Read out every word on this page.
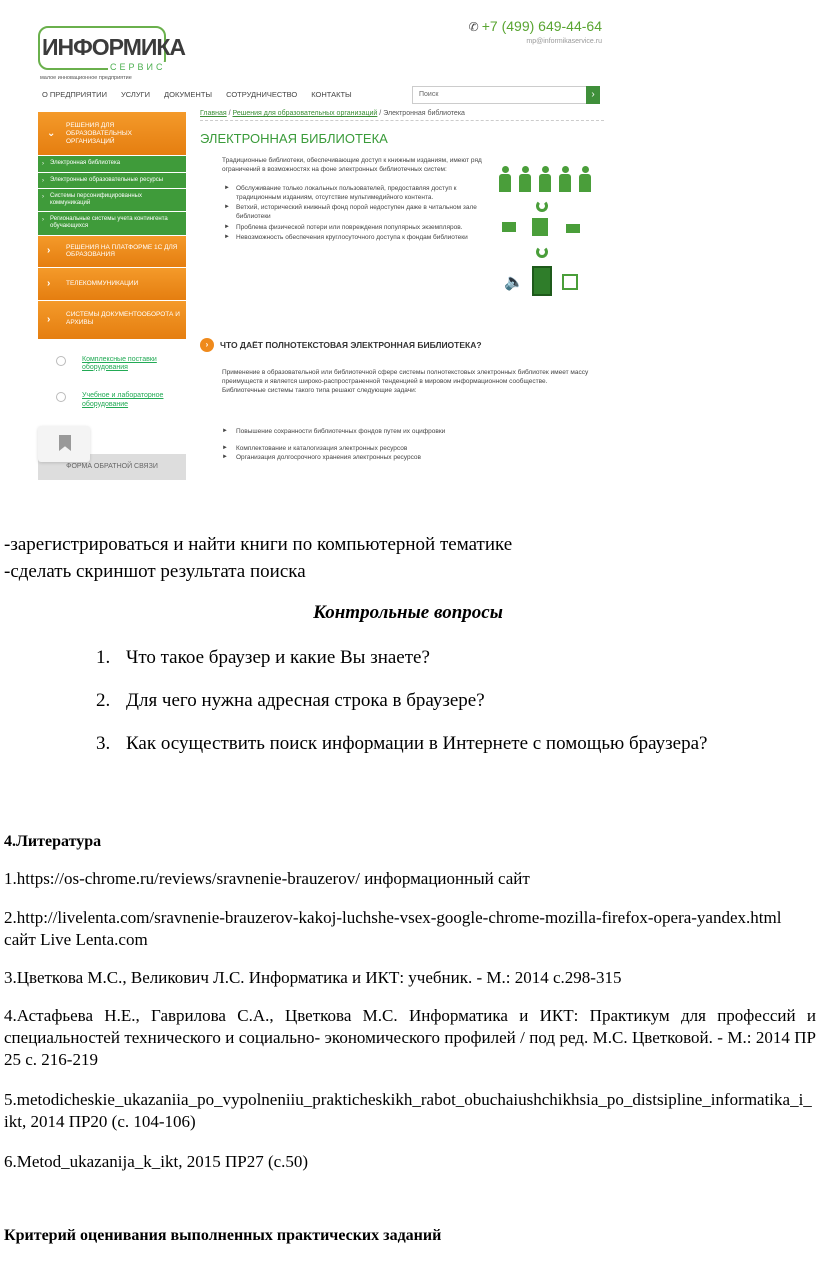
ИНФОРМИКА
СЕРВИС
малое инновационное предприятие
✆ +7 (499) 649-44-64
mp@informikaservice.ru
О ПРЕДПРИЯТИИ УСЛУГИ ДОКУМЕНТЫ СОТРУДНИЧЕСТВО КОНТАКТЫ	Поиск	›
⌄
РЕШЕНИЯ ДЛЯ ОБРАЗОВАТЕЛЬНЫХ ОРГАНИЗАЦИЙ
› Электронная библиотека
› Электронные образовательные ресурсы
› Системы персонифицированных коммуникаций
› Региональные системы учета контингента обучающихся
› РЕШЕНИЯ НА ПЛАТФОРМЕ 1С ДЛЯ ОБРАЗОВАНИЯ
› ТЕЛЕКОММУНИКАЦИИ
› СИСТЕМЫ ДОКУМЕНТООБОРОТА И АРХИВЫ
Комплексные поставки оборудования
Учебное и лабораторное оборудование
ФОРМА ОБРАТНОЙ СВЯЗИ
Главная / Решения для образовательных организаций / Электронная библиотека
ЭЛЕКТРОННАЯ БИБЛИОТЕКА
Традиционные библиотеки, обеспечивающие доступ к книжным изданиям, имеют ряд ограничений в возможностях на фоне электронных библиотечных систем:
► Обслуживание только локальных пользователей, предоставляя доступ к традиционным изданиям, отсутствие мультимедийного контента.
► Ветхий, исторический книжный фонд порой недоступен даже в читальном зале библиотеки
► Проблема физической потери или повреждения популярных экземпляров.
► Невозможность обеспечения круглосуточного доступа к фондам библиотеки
🔈
›	ЧТО ДАЁТ ПОЛНОТЕКСТОВАЯ ЭЛЕКТРОННАЯ БИБЛИОТЕКА?
Применение в образовательной или библиотечной сфере системы полнотекстовых электронных библиотек имеет массу преимуществ и является широко-распространенной тенденцией в мировом информационном сообществе. Библиотечные системы такого типа решают следующие задачи:
► Повышение сохранности библиотечных фондов путем их оцифровки
► Комплектование и каталогизация электронных ресурсов
► Организация долгосрочного хранения электронных ресурсов
-зарегистрироваться и найти книги по компьютерной тематике
-сделать скриншот результата поиска
Контрольные вопросы
1. Что такое браузер и какие Вы знаете?
2. Для чего нужна адресная строка в браузере?
3. Как осуществить поиск информации в Интернете с помощью браузера?
4.Литература
1.https://os-chrome.ru/reviews/sravnenie-brauzerov/ информационный сайт
2.http://livelenta.com/sravnenie-brauzerov-kakoj-luchshe-vsex-google-chrome-mozilla-firefox-opera-yandex.html сайт Live Lenta.com
3.Цветкова М.С., Великович Л.С. Информатика и ИКТ: учебник. - М.: 2014 с.298-315
4.Астафьева Н.Е., Гаврилова С.А., Цветкова М.С. Информатика и ИКТ: Практикум для профессий и специальностей технического и социально- экономического профилей / под ред. М.С. Цветковой. - М.: 2014 ПР 25 с. 216-219
5.metodicheskie_ukazaniia_po_vypolneniiu_prakticheskikh_rabot_obuchaiushchikhsia_po_distsipline_informatika_i_ikt, 2014 ПР20 (с. 104-106)
6.Metod_ukazanija_k_ikt, 2015 ПР27 (с.50)
Критерий оценивания выполненных практических заданий
